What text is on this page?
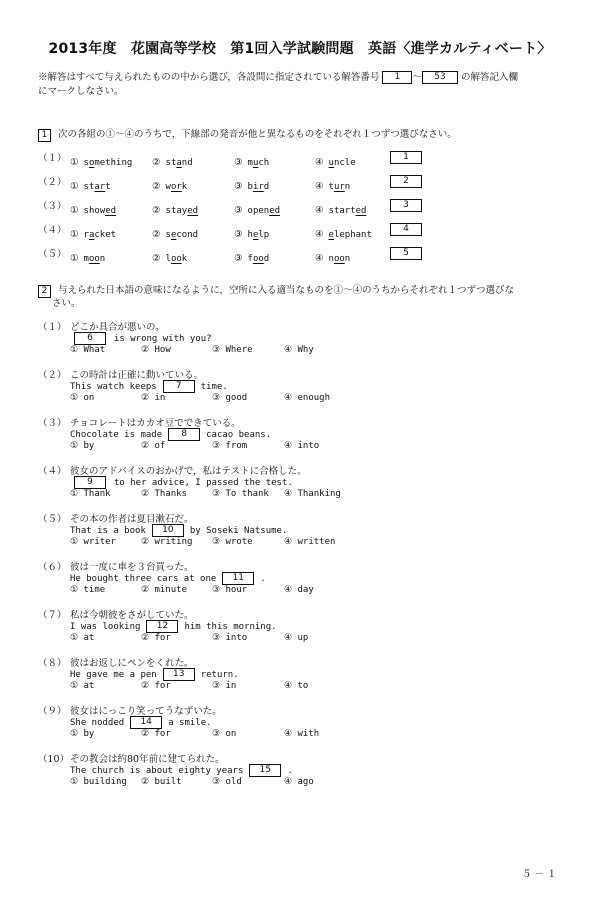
2013年度　花園高等学校　第1回入学試験問題　英語〈進学カルティベート〉
※解答はすべて与えられたものの中から選び，各設問に指定されている解答番号 1 ～ 53 の解答記入欄
にマークしなさい。
1 次の各組の①～④のうちで，下線部の発音が他と異なるものをそれぞれ１つずつ選びなさい。
（１） ① something ② stand	③ much	④ uncle
1
（２） ① start	② work	③ bird	④ turn
2
（３） ① showed	② stayed	③ opened	④ started
3
（４） ① racket	② second	③ help	④ elephant
4
（５） ① moon	② look	③ food	④ noon
5
2 与えられた日本語の意味になるように，空所に入る適当なものを①～④のうちからそれぞれ１つずつ選びな
さい。
（１） どこか具合が悪いの。
6 is wrong with you?
① What	② How	③ Where	④ Why
（２） この時計は正確に動いている。
This watch keeps 7 time.
① on	② in	③ good	④ enough
（３） チョコレートはカカオ豆でできている。
Chocolate is made 8 cacao beans.
① by	② of	③ from	④ into
（４） 彼女のアドバイスのおかげで，私はテストに合格した。
9 to her advice, I passed the test.
① Thank	② Thanks	③ To thank ④ Thanking
（５） その本の作者は夏目漱石だ。
That is a book 10 by Soseki Natsume.
① writer	② writing ③ wrote	④ written
（６） 彼は一度に車を３台買った。
He bought three cars at one 11 .
① time	② minute	③ hour	④ day
（７） 私は今朝彼をさがしていた。
I was looking 12 him this morning.
① at	② for	③ into	④ up
（８） 彼はお返しにペンをくれた。
He gave me a pen 13 return.
① at	② for	③ in	④ to
（９） 彼女はにっこり笑ってうなずいた。
She nodded 14 a smile.
① by	② for	③ on	④ with
（10） その教会は約80年前に建てられた。
The church is about eighty years 15 .
① building ② built	③ old	④ ago
５ － １
